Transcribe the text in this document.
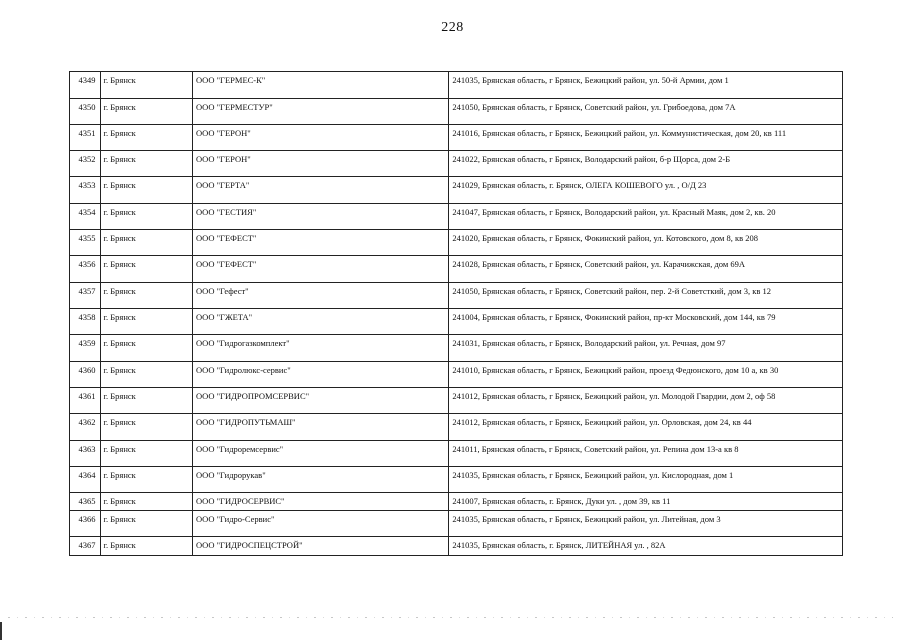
228
4349	г. Брянск	ООО "ГЕРМЕС-К"	241035, Брянская область, г Брянск, Бежицкий район, ул. 50-й Армии, дом 1
4350	г. Брянск	ООО "ГЕРМЕСТУР"	241050, Брянская область, г Брянск, Советский район, ул. Грибоедова, дом 7А
4351	г. Брянск	ООО "ГЕРОН"	241016, Брянская область, г Брянск, Бежицкий район, ул. Коммунистическая, дом 20, кв 111
4352	г. Брянск	ООО "ГЕРОН"	241022, Брянская область, г Брянск, Володарский район, б-р Щорса, дом 2-Б
4353	г. Брянск	ООО "ГЕРТА"	241029, Брянская область, г. Брянск, ОЛЕГА КОШЕВОГО ул. , О/Д 23
4354	г. Брянск	ООО "ГЕСТИЯ"	241047, Брянская область, г Брянск, Володарский район, ул. Красный Маяк, дом 2, кв. 20
4355	г. Брянск	ООО "ГЕФЕСТ"	241020, Брянская область, г Брянск, Фокинский район, ул. Котовского, дом 8, кв 208
4356	г. Брянск	ООО "ГЕФЕСТ"	241028, Брянская область, г Брянск, Советский район, ул. Карачижская, дом 69А
4357	г. Брянск	ООО "Гефест"	241050, Брянская область, г Брянск, Советский район, пер. 2-й Советсткий, дом 3, кв 12
4358	г. Брянск	ООО "ГЖЕТА"	241004, Брянская область, г Брянск, Фокинский район, пр-кт Московский, дом 144, кв 79
4359	г. Брянск	ООО "Гидрогазкомплект"	241031, Брянская область, г Брянск, Володарский район, ул. Речная, дом 97
4360	г. Брянск	ООО "Гидролюкс-сервис"	241010, Брянская область, г Брянск, Бежицкий район, проезд Федюнского, дом 10 а, кв 30
4361	г. Брянск	ООО "ГИДРОПРОМСЕРВИС"	241012, Брянская область, г Брянск, Бежицкий район, ул. Молодой Гвардии, дом 2, оф 58
4362	г. Брянск	ООО "ГИДРОПУТЬМАШ"	241012, Брянская область, г Брянск, Бежицкий район, ул. Орловская, дом 24, кв 44
4363	г. Брянск	ООО "Гидроремсервис"	241011, Брянская область, г Брянск, Советский район, ул. Репина дом 13-а кв 8
4364	г. Брянск	ООО "Гидрорукав"	241035, Брянская область, г Брянск, Бежицкий район, ул. Кислородная, дом 1
4365	г. Брянск	ООО "ГИДРОСЕРВИС"	241007, Брянская область, г. Брянск, Дуки ул. , дом 39, кв 11
4366	г. Брянск	ООО "Гидро-Сервис"	241035, Брянская область, г Брянск, Бежицкий район, ул. Литейная, дом 3
4367	г. Брянск	ООО "ГИДРОСПЕЦСТРОЙ"	241035, Брянская область, г. Брянск, ЛИТЕЙНАЯ ул. , 82А
